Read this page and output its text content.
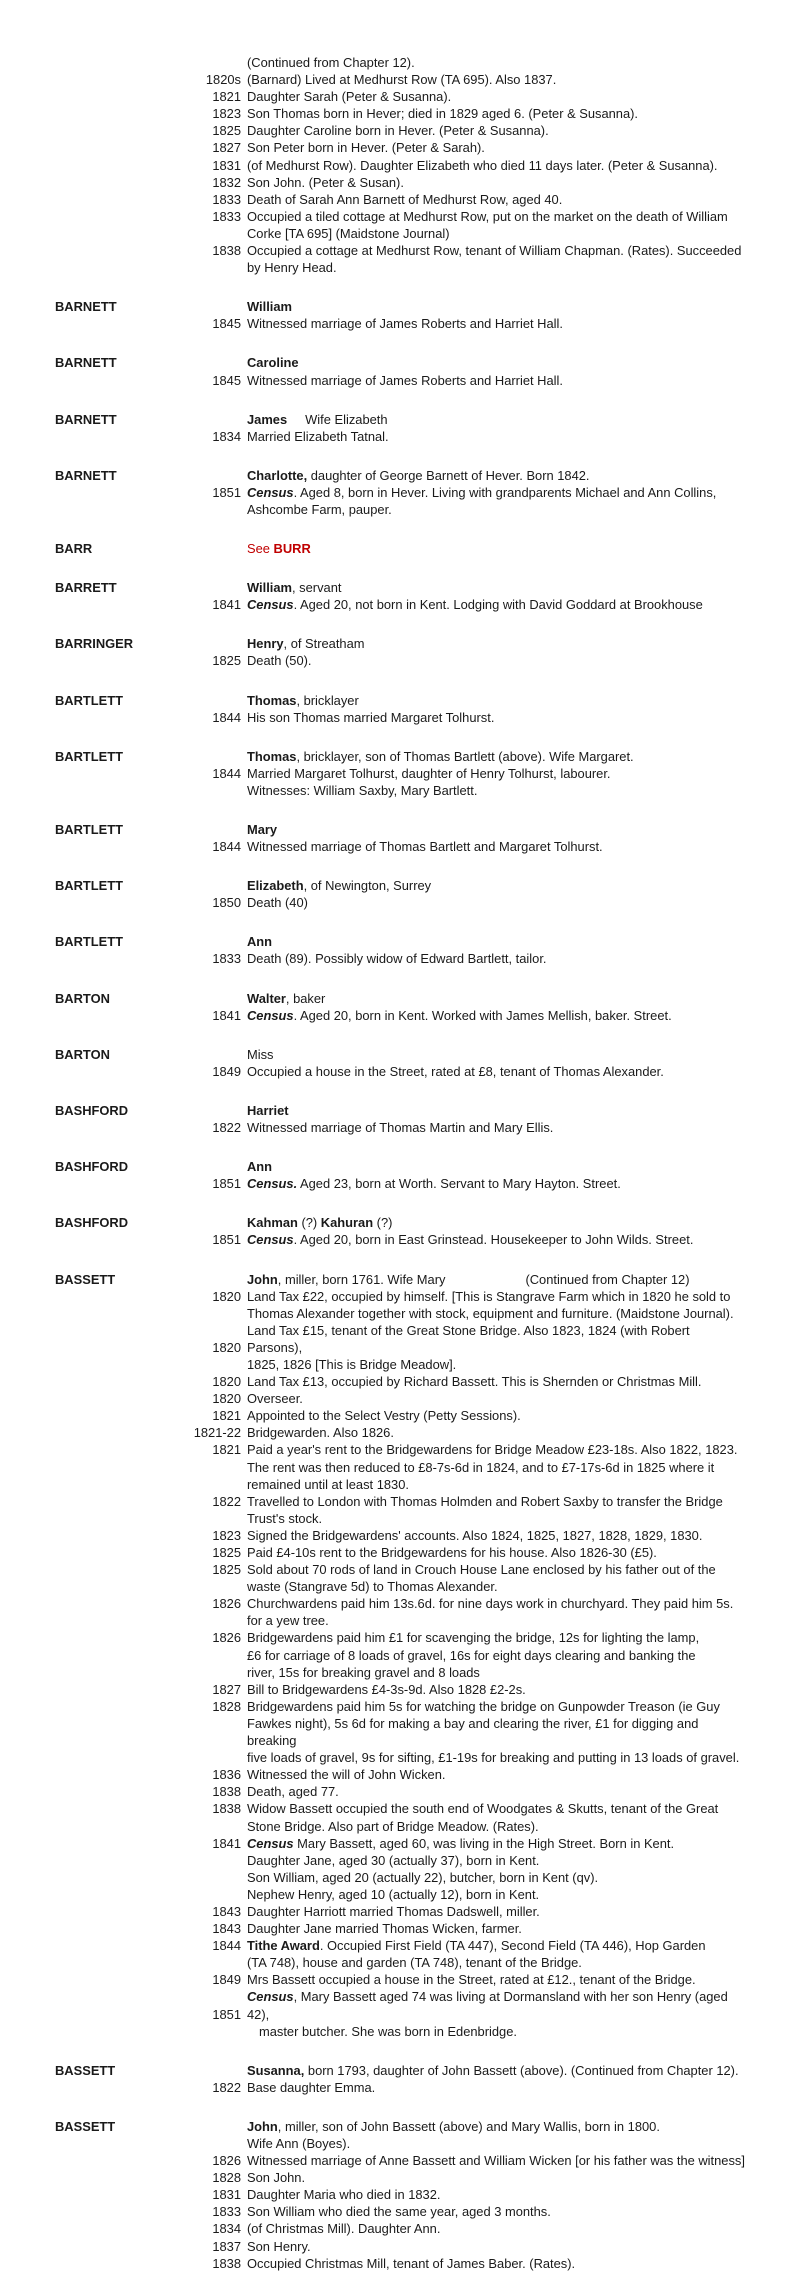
(Continued from Chapter 12).
1820s (Barnard) Lived at Medhurst Row (TA 695). Also 1837.
1821 Daughter Sarah (Peter & Susanna).
1823 Son Thomas born in Hever; died in 1829 aged 6. (Peter & Susanna).
1825 Daughter Caroline born in Hever. (Peter & Susanna).
1827 Son Peter born in Hever. (Peter & Sarah).
1831 (of Medhurst Row). Daughter Elizabeth who died 11 days later. (Peter & Susanna).
1832 Son John. (Peter & Susan).
1833 Death of Sarah Ann Barnett of Medhurst Row, aged 40.
1833 Occupied a tiled cottage at Medhurst Row, put on the market on the death of William
Corke [TA 695] (Maidstone Journal)
1838 Occupied a cottage at Medhurst Row, tenant of William Chapman. (Rates). Succeeded
by Henry Head.
BARNETT	William
1845 Witnessed marriage of James Roberts and Harriet Hall.
BARNETT	Caroline
1845 Witnessed marriage of James Roberts and Harriet Hall.
BARNETT	James Wife Elizabeth
1834 Married Elizabeth Tatnal.
BARNETT	Charlotte, daughter of George Barnett of Hever. Born 1842.
1851 Census. Aged 8, born in Hever. Living with grandparents Michael and Ann Collins,
Ashcombe Farm, pauper.
BARR	See BURR
BARRETT	William, servant
1841 Census. Aged 20, not born in Kent. Lodging with David Goddard at Brookhouse
BARRINGER	Henry, of Streatham
1825 Death (50).
BARTLETT	Thomas, bricklayer
1844 His son Thomas married Margaret Tolhurst.
BARTLETT	Thomas, bricklayer, son of Thomas Bartlett (above). Wife Margaret.
1844 Married Margaret Tolhurst, daughter of Henry Tolhurst, labourer.
Witnesses: William Saxby, Mary Bartlett.
BARTLETT	Mary
1844 Witnessed marriage of Thomas Bartlett and Margaret Tolhurst.
BARTLETT	Elizabeth, of Newington, Surrey
1850 Death (40)
BARTLETT	Ann
1833 Death (89). Possibly widow of Edward Bartlett, tailor.
BARTON	Walter, baker
1841 Census. Aged 20, born in Kent. Worked with James Mellish, baker. Street.
BARTON	Miss
1849 Occupied a house in the Street, rated at £8, tenant of Thomas Alexander.
BASHFORD	Harriet
1822 Witnessed marriage of Thomas Martin and Mary Ellis.
BASHFORD	Ann
1851 Census. Aged 23, born at Worth. Servant to Mary Hayton. Street.
BASHFORD	Kahman (?) Kahuran (?)
1851 Census. Aged 20, born in East Grinstead. Housekeeper to John Wilds. Street.
BASSETT	John, miller, born 1761. Wife Mary	(Continued from Chapter 12)
1820 Land Tax £22, occupied by himself. [This is Stangrave Farm which in 1820 he sold to
Thomas Alexander together with stock, equipment and furniture. (Maidstone Journal).
Land Tax £15, tenant of the Great Stone Bridge. Also 1823, 1824 (with Robert
1820 Parsons),
1825, 1826 [This is Bridge Meadow].
1820 Land Tax £13, occupied by Richard Bassett. This is Shernden or Christmas Mill.
1820 Overseer.
1821 Appointed to the Select Vestry (Petty Sessions).
1821-22 Bridgewarden. Also 1826.
1821 Paid a year's rent to the Bridgewardens for Bridge Meadow £23-18s. Also 1822, 1823.
The rent was then reduced to £8-7s-6d in 1824, and to £7-17s-6d in 1825 where it
remained until at least 1830.
1822 Travelled to London with Thomas Holmden and Robert Saxby to transfer the Bridge
Trust's stock.
1823 Signed the Bridgewardens' accounts. Also 1824, 1825, 1827, 1828, 1829, 1830.
1825 Paid £4-10s rent to the Bridgewardens for his house. Also 1826-30 (£5).
1825 Sold about 70 rods of land in Crouch House Lane enclosed by his father out of the
waste (Stangrave 5d) to Thomas Alexander.
1826 Churchwardens paid him 13s.6d. for nine days work in churchyard. They paid him 5s.
for a yew tree.
1826 Bridgewardens paid him £1 for scavenging the bridge, 12s for lighting the lamp,
£6 for carriage of 8 loads of gravel, 16s for eight days clearing and banking the
river, 15s for breaking gravel and 8 loads
1827 Bill to Bridgewardens £4-3s-9d. Also 1828 £2-2s.
1828 Bridgewardens paid him 5s for watching the bridge on Gunpowder Treason (ie Guy
Fawkes night), 5s 6d for making a bay and clearing the river, £1 for digging and
breaking
five loads of gravel, 9s for sifting, £1-19s for breaking and putting in 13 loads of gravel.
1836 Witnessed the will of John Wicken.
1838 Death, aged 77.
1838 Widow Bassett occupied the south end of Woodgates & Skutts, tenant of the Great
Stone Bridge. Also part of Bridge Meadow. (Rates).
1841 Census Mary Bassett, aged 60, was living in the High Street. Born in Kent.
Daughter Jane, aged 30 (actually 37), born in Kent.
Son William, aged 20 (actually 22), butcher, born in Kent (qv).
Nephew Henry, aged 10 (actually 12), born in Kent.
1843 Daughter Harriott married Thomas Dadswell, miller.
1843 Daughter Jane married Thomas Wicken, farmer.
1844 Tithe Award. Occupied First Field (TA 447), Second Field (TA 446), Hop Garden
(TA 748), house and garden (TA 748), tenant of the Bridge.
1849 Mrs Bassett occupied a house in the Street, rated at £12., tenant of the Bridge.
Census, Mary Bassett aged 74 was living at Dormansland with her son Henry (aged
1851 42),
master butcher. She was born in Edenbridge.
BASSETT	Susanna, born 1793, daughter of John Bassett (above). (Continued from Chapter 12).
1822 Base daughter Emma.
BASSETT	John, miller, son of John Bassett (above) and Mary Wallis, born in 1800.
Wife Ann (Boyes).
1826 Witnessed marriage of Anne Bassett and William Wicken [or his father was the witness]
1828 Son John.
1831 Daughter Maria who died in 1832.
1833 Son William who died the same year, aged 3 months.
1834 (of Christmas Mill). Daughter Ann.
1837 Son Henry.
1838 Occupied Christmas Mill, tenant of James Baber. (Rates).
